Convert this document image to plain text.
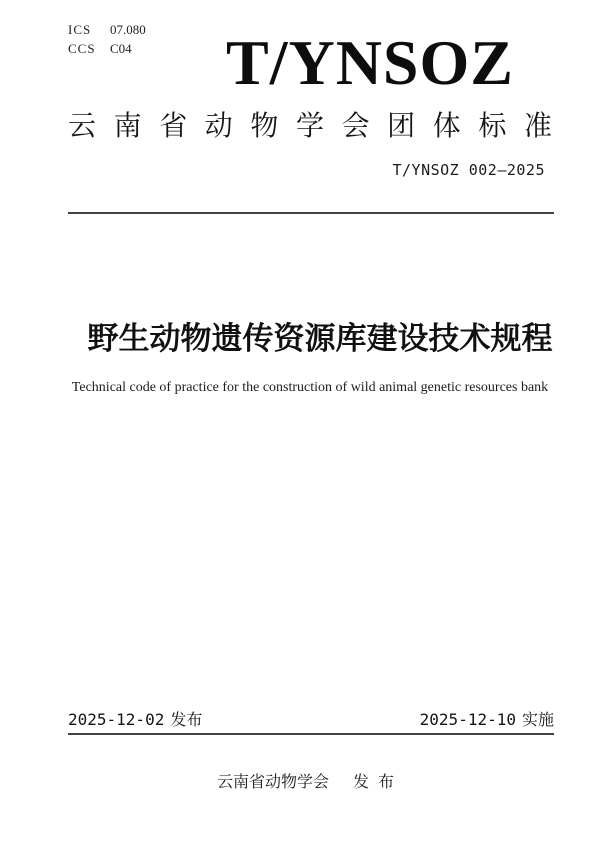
ICS 07.080
CCS C04 T/YNSOZ
云 南 省 动 物 学 会 团 体 标 准
T/YNSOZ 002—2025
野生动物遗传资源库建设技术规程
Technical code of practice for the construction of wild animal genetic resources bank
2025-12-02 发布	2025-12-10 实施
云南省动物学会 发布
